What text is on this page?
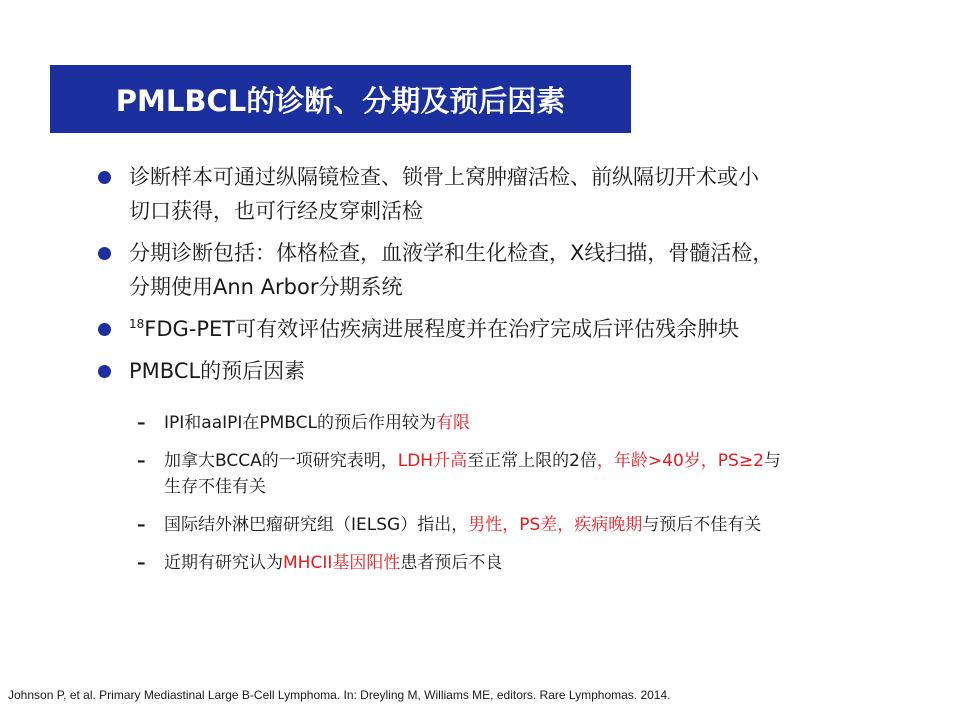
PMLBCL的诊断、分期及预后因素
诊断样本可通过纵隔镜检查、锁骨上窝肿瘤活检、前纵隔切开术或小
切口获得，也可行经皮穿刺活检
分期诊断包括：体格检查，血液学和生化检查，X线扫描，骨髓活检，
分期使用Ann Arbor分期系统
$^{18}$FDG-PET可有效评估疾病进展程度并在治疗完成后评估残余肿块
PMBCL的预后因素
– IPI和aaIPI在PMBCL的预后作用较为有限
– 加拿大BCCA的一项研究表明，LDH升高至正常上限的2倍，年龄>40岁，PS≥2与
生存不佳有关
– 国际结外淋巴瘤研究组（IELSG）指出，男性，PS差，疾病晚期与预后不佳有关
– 近期有研究认为MHCII基因阳性患者预后不良
Johnson P, et al. Primary Mediastinal Large B-Cell Lymphoma. In: Dreyling M, Williams ME, editors. Rare Lymphomas. 2014.
